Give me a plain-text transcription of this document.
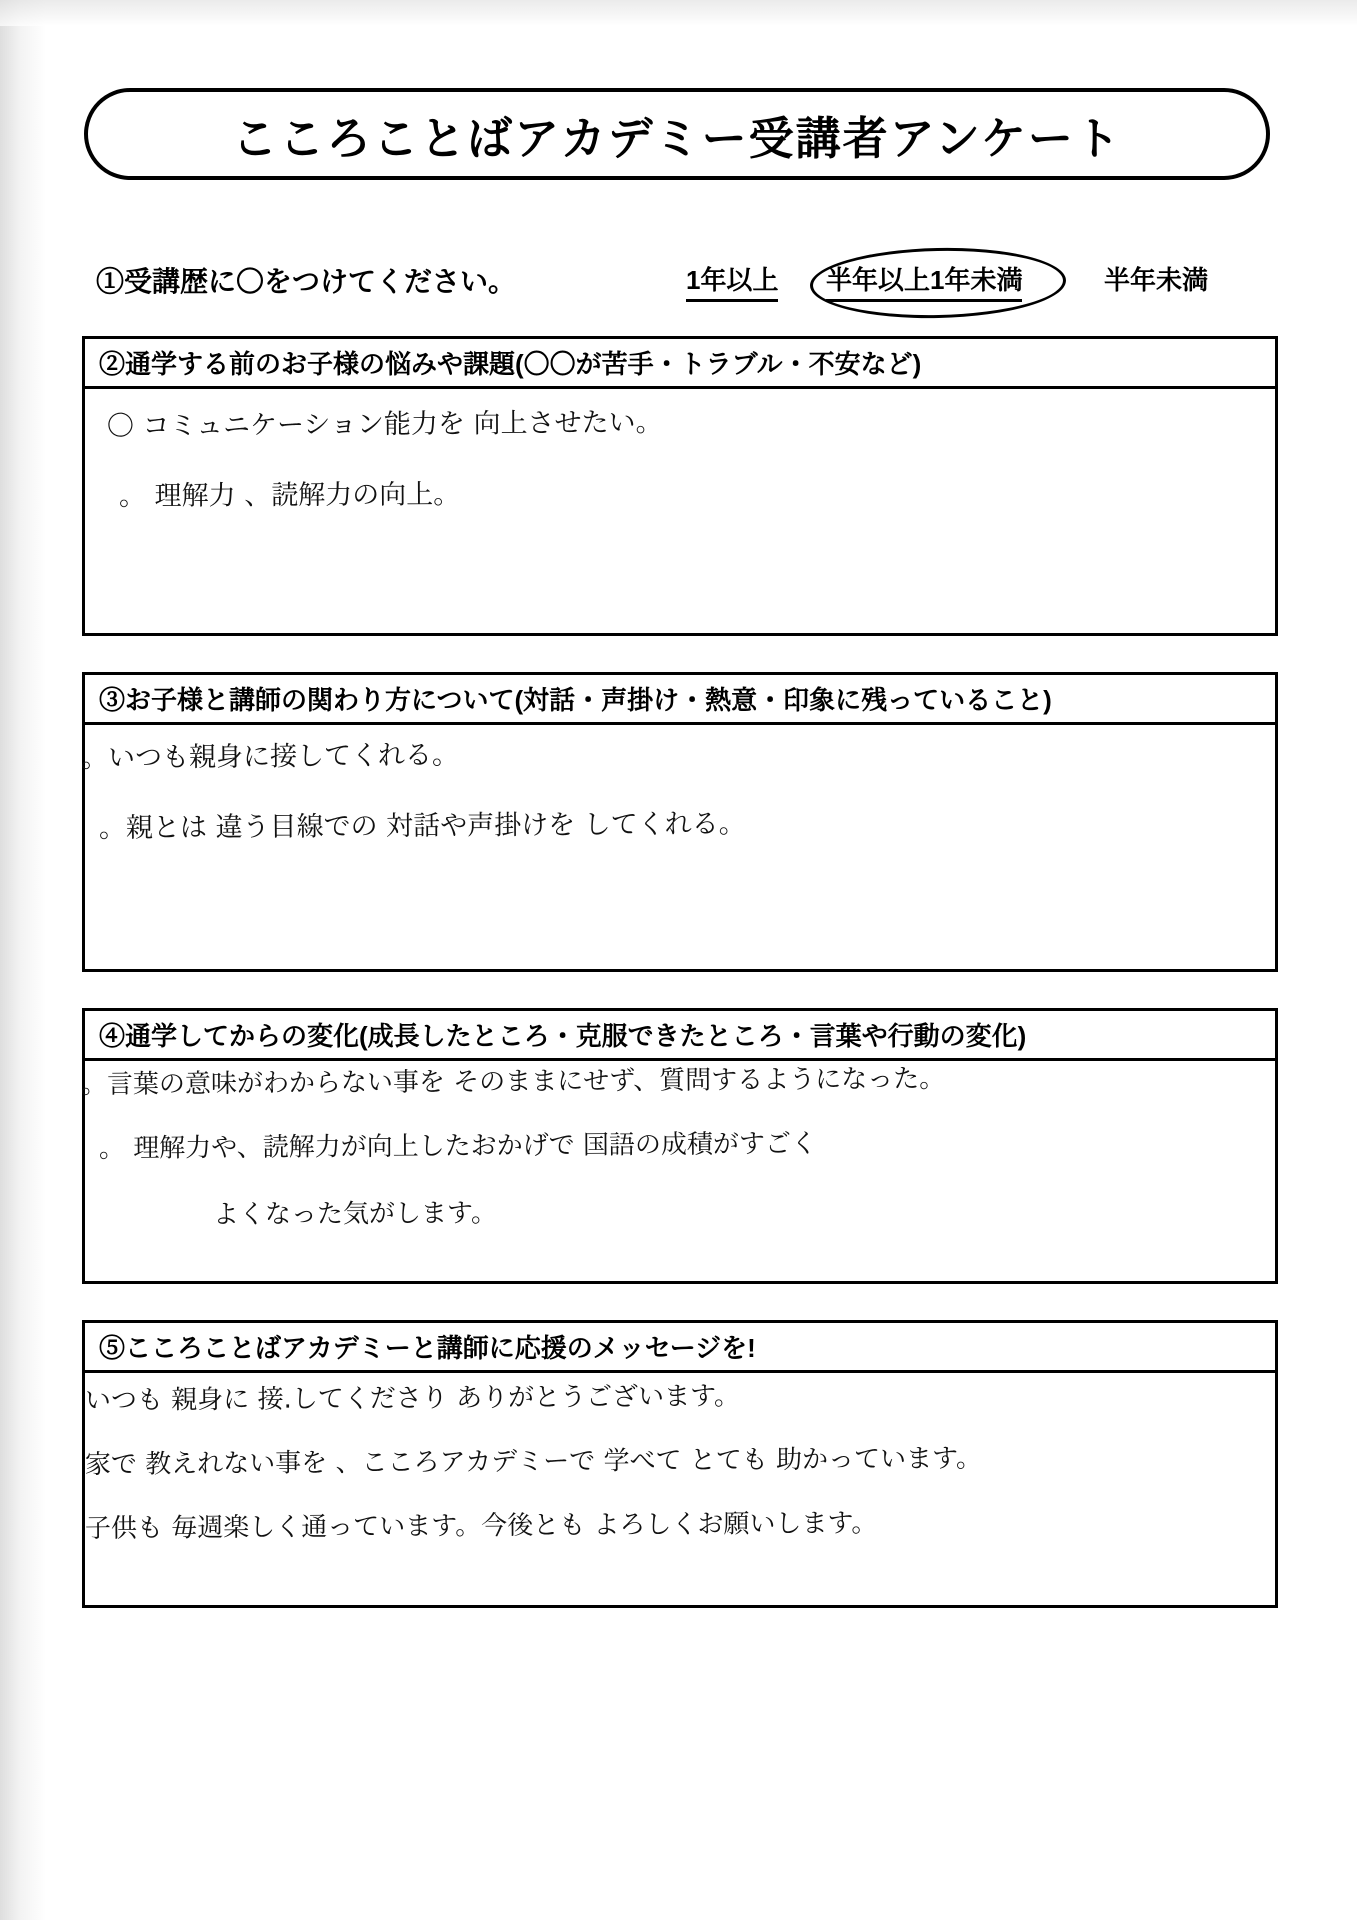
こころことばアカデミー受講者アンケート
①受講歴に〇をつけてください。	1年以上 半年以上1年未満	半年未満
②通学する前のお子様の悩みや課題(〇〇が苦手・トラブル・不安など)
〇 コミュニケーション能力を 向上させたい。
。 理解力 、読解力の向上。
③お子様と講師の関わり方について(対話・声掛け・熱意・印象に残っていること)
。いつも親身に接してくれる。
。親とは 違う目線での 対話や声掛けを してくれる。
④通学してからの変化(成長したところ・克服できたところ・言葉や行動の変化)
。言葉の意味がわからない事を そのままにせず、質問するようになった。
。 理解力や、読解力が向上したおかげで 国語の成積がすごく
よくなった気がします。
⑤こころことばアカデミーと講師に応援のメッセージを!
いつも 親身に 接.してくださり ありがとうございます。
家で 教えれない事を 、こころアカデミーで 学べて とても 助かっています。
子供も 毎週楽しく通っています。今後とも よろしくお願いします。
